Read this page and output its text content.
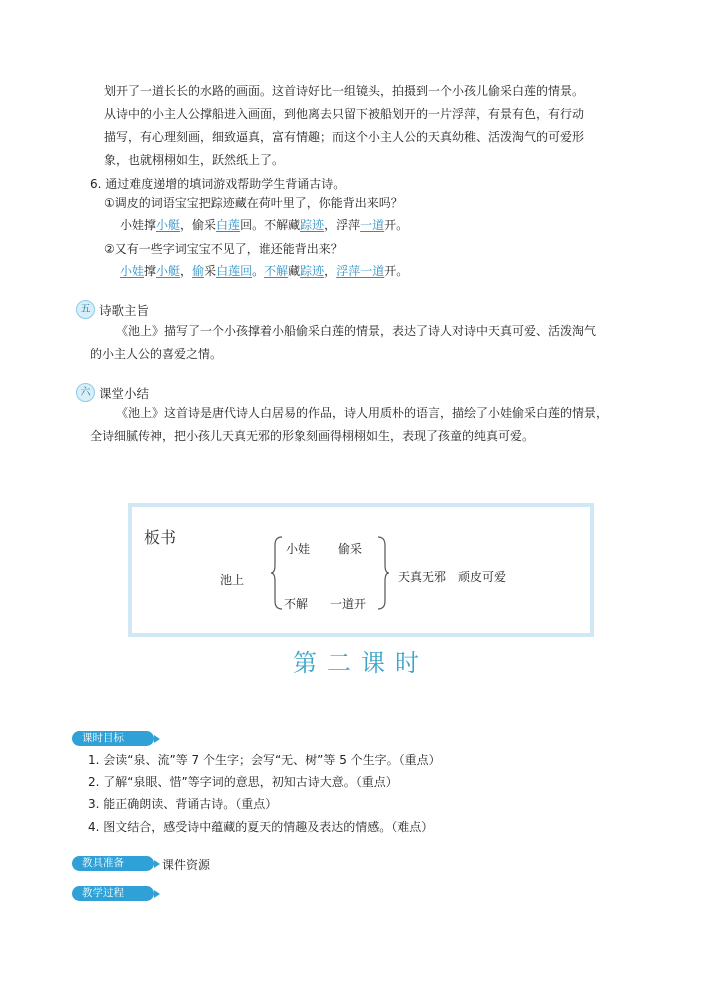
划开了一道长长的水路的画面。这首诗好比一组镜头，拍摄到一个小孩儿偷采白莲的情景。
从诗中的小主人公撑船进入画面，到他离去只留下被船划开的一片浮萍，有景有色，有行动
描写，有心理刻画，细致逼真，富有情趣；而这个小主人公的天真幼稚、活泼淘气的可爱形
象，也就栩栩如生，跃然纸上了。
6. 通过难度递增的填词游戏帮助学生背诵古诗。
①调皮的词语宝宝把踪迹藏在荷叶里了，你能背出来吗？
小娃撑小艇，偷采白莲回。不解藏踪迹，浮萍一道开。
②又有一些字词宝宝不见了，谁还能背出来？
小娃撑小艇，偷采白莲回。不解藏踪迹，浮萍一道开。
五 诗歌主旨
《池上》描写了一个小孩撑着小船偷采白莲的情景，表达了诗人对诗中天真可爱、活泼淘气
的小主人公的喜爱之情。
六 课堂小结
《池上》这首诗是唐代诗人白居易的作品，诗人用质朴的语言，描绘了小娃偷采白莲的情景，
全诗细腻传神，把小孩儿天真无邪的形象刻画得栩栩如生，表现了孩童的纯真可爱。
板书
池上
小娃 偷采
不解 一道开
天真无邪　顽皮可爱
第二课时
课时目标
1. 会读“泉、流”等 7 个生字；会写“无、树”等 5 个生字。（重点）
2. 了解“泉眼、惜”等字词的意思，初知古诗大意。（重点）
3. 能正确朗读、背诵古诗。（重点）
4. 图文结合，感受诗中蕴藏的夏天的情趣及表达的情感。（难点）
教具准备	课件资源
教学过程
